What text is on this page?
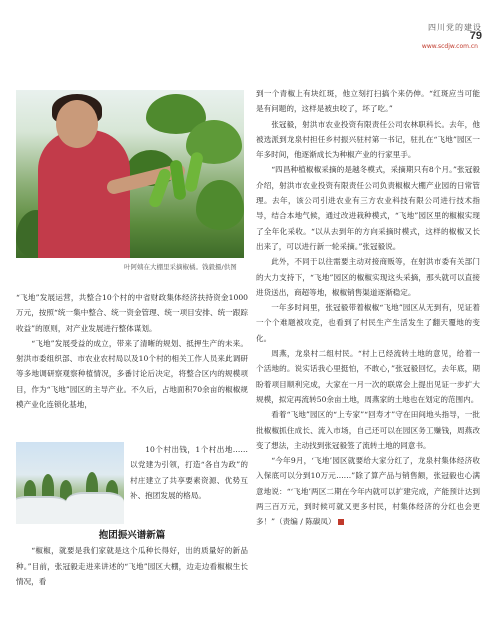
四川党的建设
www.scdjw.com.cn
79
叶阿姨在大棚里采摘椒橘。钱毅摄/供图

“飞地”发展运营，共整合10个村的中省财政集体经济扶持资金1000万元，按照“统一集中整合、统一资金管理、统一项目安排、统一跟踪收益”的原则，对产业发展进行整体谋划。

“飞地”发展受益的成立，带来了清晰的规划、抵押生产的未来。射洪市委组织部、市农业农村局以及10个村的相关工作人员来此调研等多地调研察观察种植情况，多番讨论后决定，将整合区内的规模项目，作为“飞地”园区的主导产业。不久后，占地面积70余亩的椒椒规模产业化连锁化基地，

10个村出钱，1个村出地……以党建为引领，打造“各自为政”的村庄建立了共享要素资源、优势互补、抱团发展的格局。

抱团振兴谱新篇

“椒椒，就要是我们家就是这个瓜种长得好，出的质量好的新品种。”目前，张冠毅走进来讲述的“飞地”园区大棚，边走边看椒椒生长情况，看

到一个青椒上有块红斑，他立刻打扫搞个来仍伸。“红斑应当可能是有问题的，这样是被虫咬了，坏了吃。”

张冠毅，射洪市农业投资有限责任公司农林职科长。去年，他被选派到龙泉村担任乡村振兴驻村第一书记，驻扎在“飞地”园区一年多时间，他逐渐成长为种椒产业的行家里手。

“四昌种植椒椒采摘的是越冬模式，采摘期只有8个月。”张冠毅介绍，射洪市农业投资有限责任公司负责椒椒大棚产业园的日常管理。去年，该公司引进农业有三方农业科技有限公司进行技术指导，结合本地气候，通过改进栽种模式，“飞地”园区里的椒椒实现了全年化采收。“以从去到年的方向采摘时模式，这样的椒椒又长出来了，可以进行新一轮采摘。”张冠毅说。

此外，不同于以往需要主动对接商贩等，在射洪市委有关部门的大力支持下，“飞地”园区的椒椒实现这头采摘，那头就可以直接进货送出，商超等地，椒椒销售渠道逐渐稳定。

一年多时间里，张冠毅带着椒椒“飞地”园区从无到有，见证着一个个难题被攻克，也看到了村民生产生活发生了翻天覆地的变化。

周燕，龙泉村二组村民。“村上已经流转土地的意见，给着一个活地的。说实话我心里挺怕，不敢心，”张冠毅回忆，去年底，期盼着项目顺利完成，大家在一月一次的联席会上提出见证一步扩大规模，拟定再流转50余亩土地，周燕家的土地也在划定的范围内。

看着“飞地”园区的“上专家”“回寿才”守在田间地头指导，一批批椒椒抓住成长、流入市场，自己还可以在园区务工赚钱，周燕改变了想法，主动找到张冠毅签了流转土地的同意书。

“今年9月，‘飞地’园区就要给大家分红了，龙泉村集体经济收入保底可以分到10万元……”除了算产品与销售额，张冠毅也心满意地说：“‘飞地’两区二期在今年内就可以扩建完成，产能预计达到两三百万元，到时候可就又更多村民，村集体经济的分红也会更多！”（责编 / 陈碳凤）
